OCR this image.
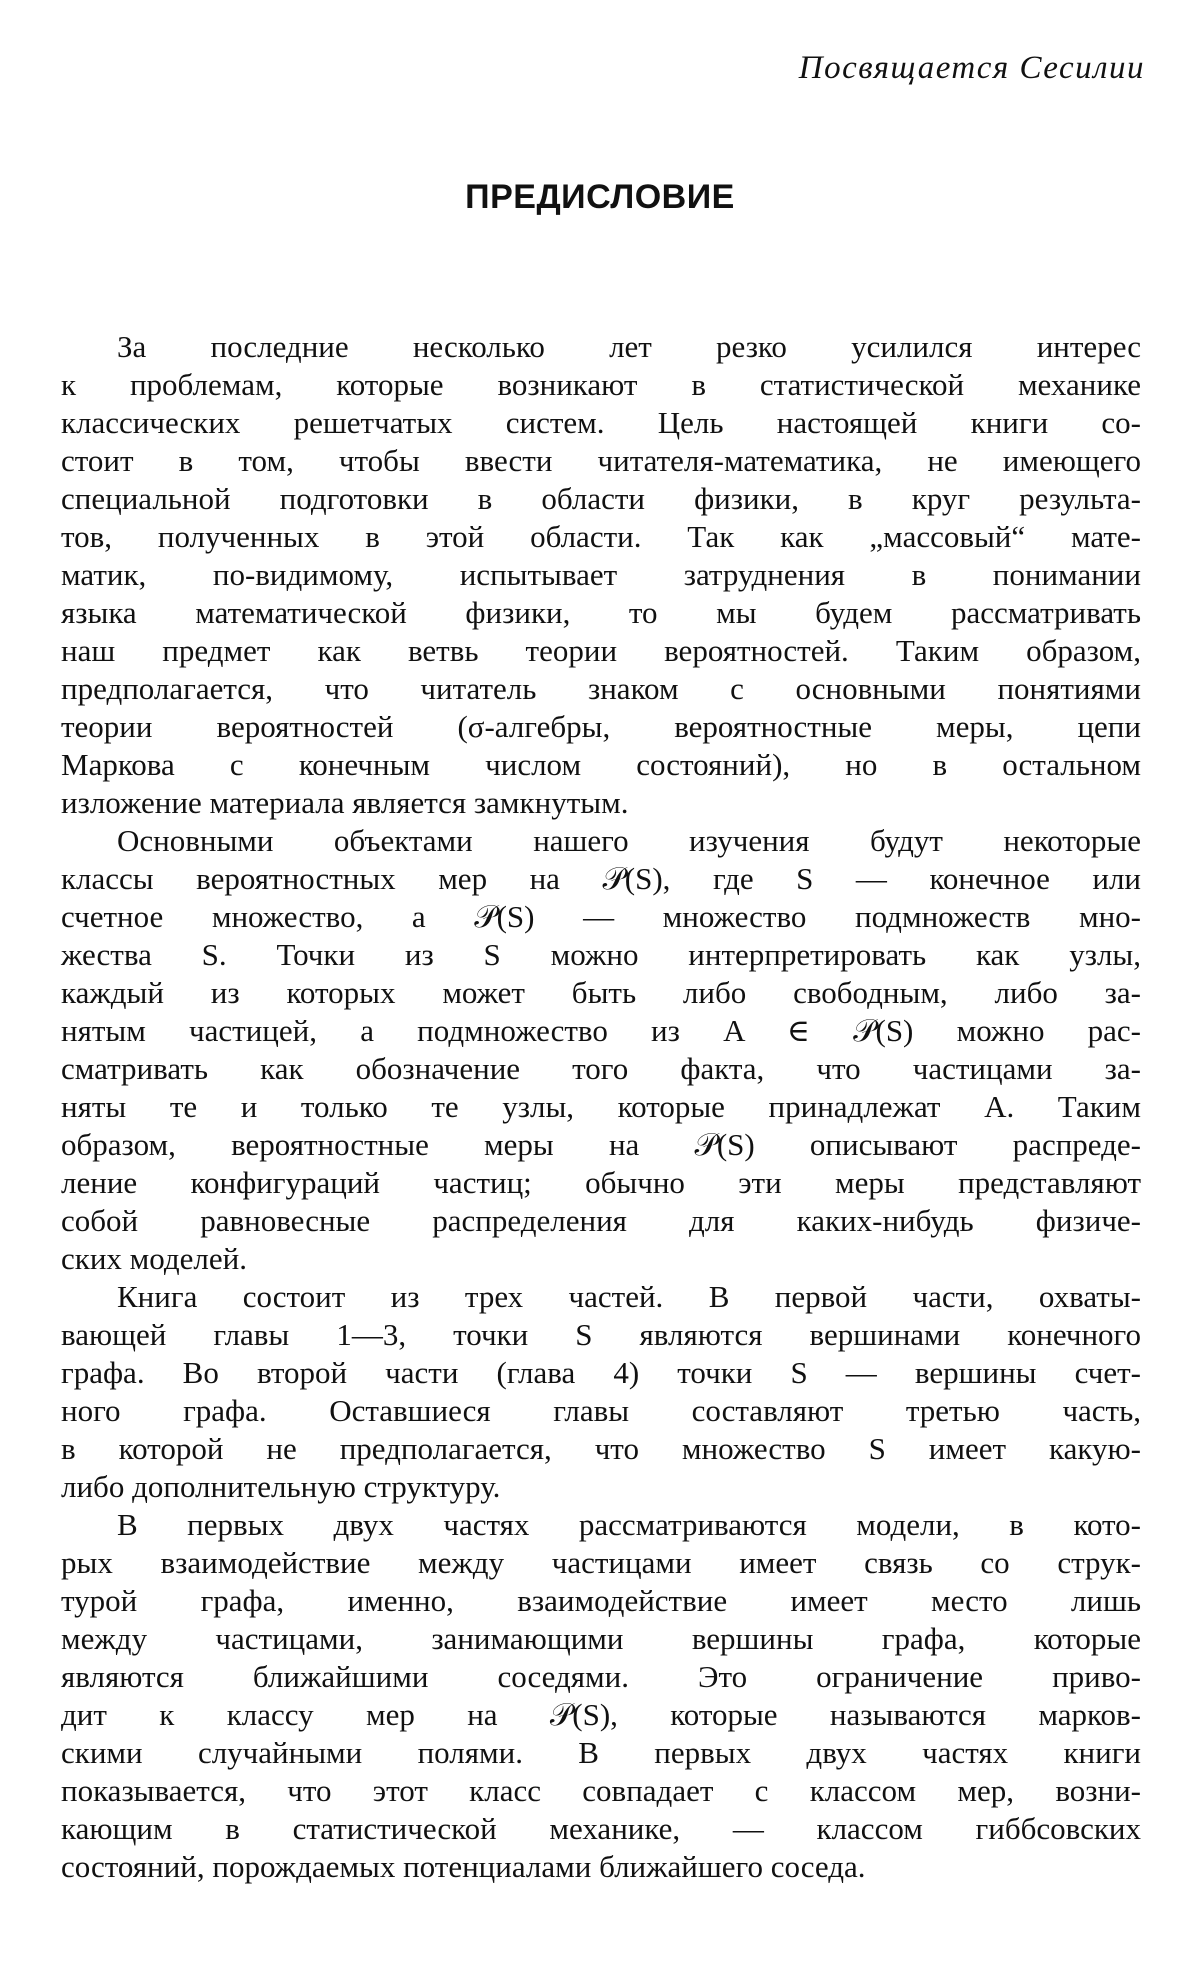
Посвящается Сесилии
ПРЕДИСЛОВИЕ
За последние несколько лет резко усилился интерес
к проблемам, которые возникают в статистической механике
классических решетчатых систем. Цель настоящей книги со-
стоит в том, чтобы ввести читателя-математика, не имеющего
специальной подготовки в области физики, в круг результа-
тов, полученных в этой области. Так как „массовый“ мате-
матик, по-видимому, испытывает затруднения в понимании
языка математической физики, то мы будем рассматривать
наш предмет как ветвь теории вероятностей. Таким образом,
предполагается, что читатель знаком с основными понятиями
теории вероятностей (σ-алгебры, вероятностные меры, цепи
Маркова с конечным числом состояний), но в остальном
изложение материала является замкнутым.
Основными объектами нашего изучения будут некоторые
классы вероятностных мер на 𝒫(S), где S — конечное или
счетное множество, а 𝒫(S) — множество подмножеств мно-
жества S. Точки из S можно интерпретировать как узлы,
каждый из которых может быть либо свободным, либо за-
нятым частицей, а подмножество из A ∈ 𝒫(S) можно рас-
сматривать как обозначение того факта, что частицами за-
няты те и только те узлы, которые принадлежат A. Таким
образом, вероятностные меры на 𝒫(S) описывают распреде-
ление конфигураций частиц; обычно эти меры представляют
собой равновесные распределения для каких-нибудь физиче-
ских моделей.
Книга состоит из трех частей. В первой части, охваты-
вающей главы 1—3, точки S являются вершинами конечного
графа. Во второй части (глава 4) точки S — вершины счет-
ного графа. Оставшиеся главы составляют третью часть,
в которой не предполагается, что множество S имеет какую-
либо дополнительную структуру.
В первых двух частях рассматриваются модели, в кото-
рых взаимодействие между частицами имеет связь со струк-
турой графа, именно, взаимодействие имеет место лишь
между частицами, занимающими вершины графа, которые
являются ближайшими соседями. Это ограничение приво-
дит к классу мер на 𝒫(S), которые называются марков-
скими случайными полями. В первых двух частях книги
показывается, что этот класс совпадает с классом мер, возни-
кающим в статистической механике, — классом гиббсовских
состояний, порождаемых потенциалами ближайшего соседа.
